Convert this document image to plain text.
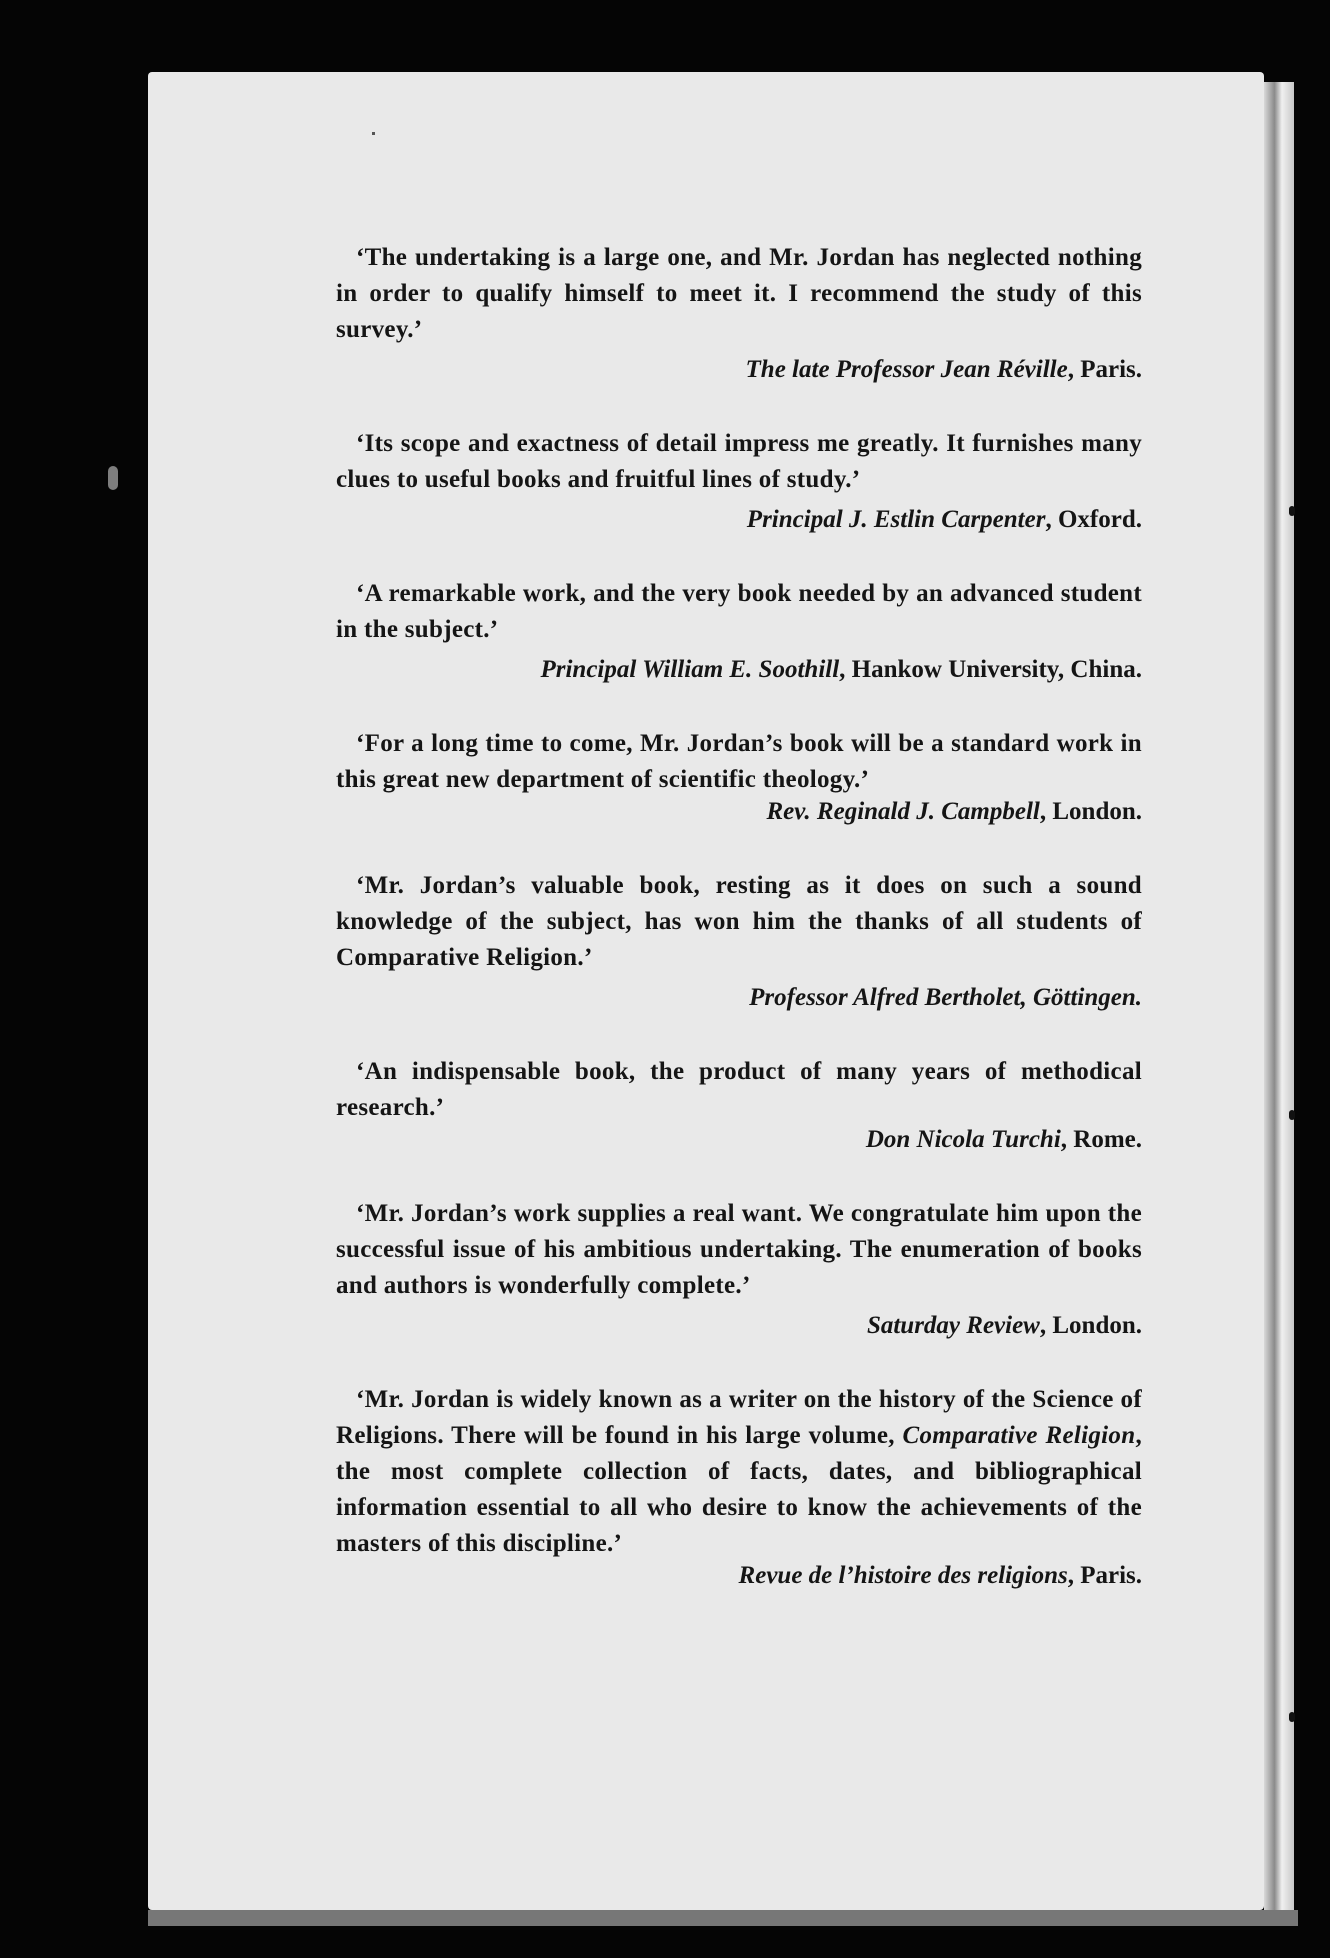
‘The undertaking is a large one, and Mr. Jordan has neglected nothing in order to qualify himself to meet it. I recommend the study of this survey.’

The late Professor Jean Réville, Paris.

‘Its scope and exactness of detail impress me greatly. It furnishes many clues to useful books and fruitful lines of study.’

Principal J. Estlin Carpenter, Oxford.

‘A remarkable work, and the very book needed by an advanced student in the subject.’

Principal William E. Soothill, Hankow University, China.

‘For a long time to come, Mr. Jordan’s book will be a standard work in this great new department of scientific theology.’

Rev. Reginald J. Campbell, London.

‘Mr. Jordan’s valuable book, resting as it does on such a sound knowledge of the subject, has won him the thanks of all students of Comparative Religion.’

Professor Alfred Bertholet, Göttingen.

‘An indispensable book, the product of many years of methodical research.’

Don Nicola Turchi, Rome.

‘Mr. Jordan’s work supplies a real want. We congratulate him upon the successful issue of his ambitious undertaking. The enumeration of books and authors is wonderfully complete.’

Saturday Review, London.

‘Mr. Jordan is widely known as a writer on the history of the Science of Religions. There will be found in his large volume, Comparative Religion, the most complete collection of facts, dates, and bibliographical information essential to all who desire to know the achievements of the masters of this discipline.’

Revue de l’histoire des religions, Paris.
